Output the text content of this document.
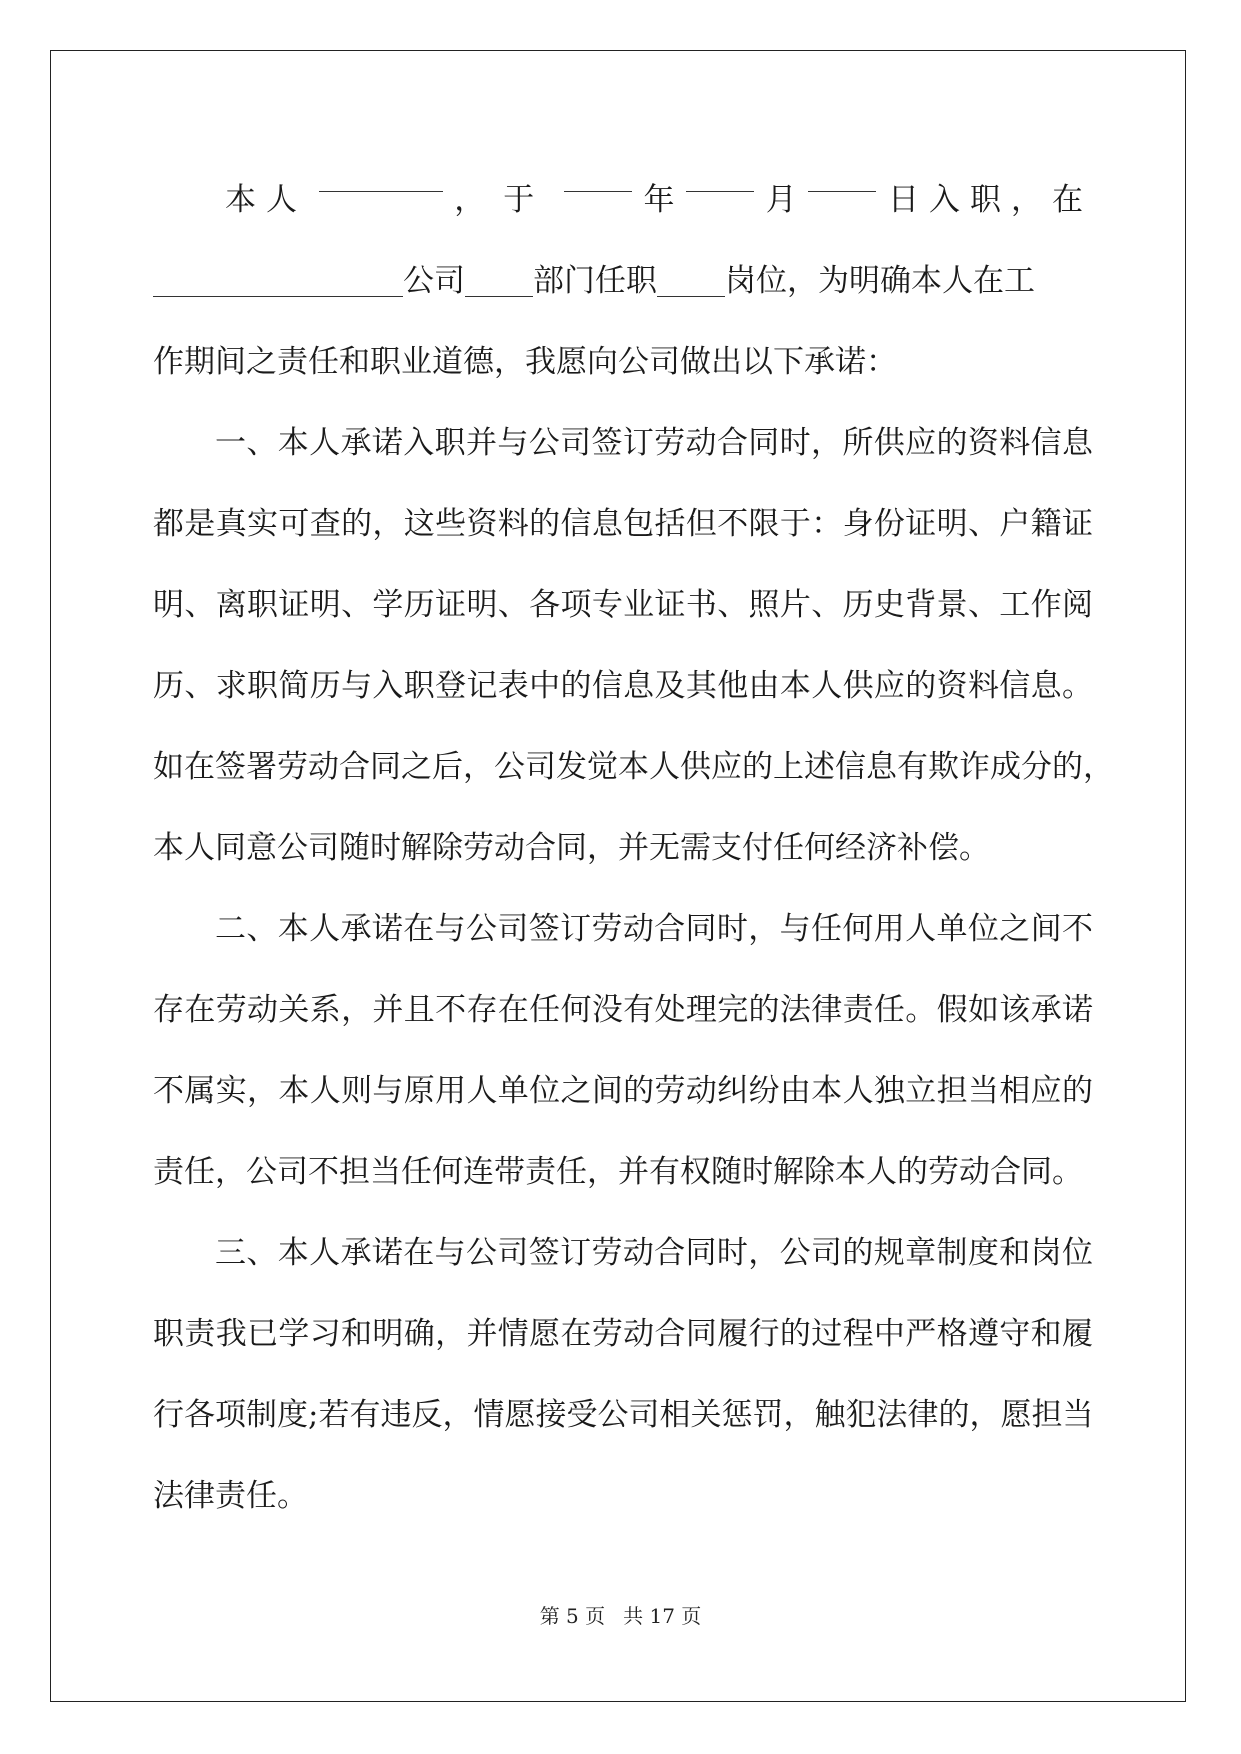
本人	，于	年	月	日入职，在
公司 部门任职 岗位，为明确本人在工
作期间之责任和职业道德，我愿向公司做出以下承诺：
一、本人承诺入职并与公司签订劳动合同时，所供应的资料信息
都是真实可查的，这些资料的信息包括但不限于：身份证明、户籍证
明、离职证明、学历证明、各项专业证书、照片、历史背景、工作阅
历、求职简历与入职登记表中的信息及其他由本人供应的资料信息。
如在签署劳动合同之后，公司发觉本人供应的上述信息有欺诈成分的，
本人同意公司随时解除劳动合同，并无需支付任何经济补偿。
二、本人承诺在与公司签订劳动合同时，与任何用人单位之间不
存在劳动关系，并且不存在任何没有处理完的法律责任。假如该承诺
不属实，本人则与原用人单位之间的劳动纠纷由本人独立担当相应的
责任，公司不担当任何连带责任，并有权随时解除本人的劳动合同。
三、本人承诺在与公司签订劳动合同时，公司的规章制度和岗位
职责我已学习和明确，并情愿在劳动合同履行的过程中严格遵守和履
行各项制度;若有违反，情愿接受公司相关惩罚，触犯法律的，愿担当
法律责任。
第 5 页 共 17 页
